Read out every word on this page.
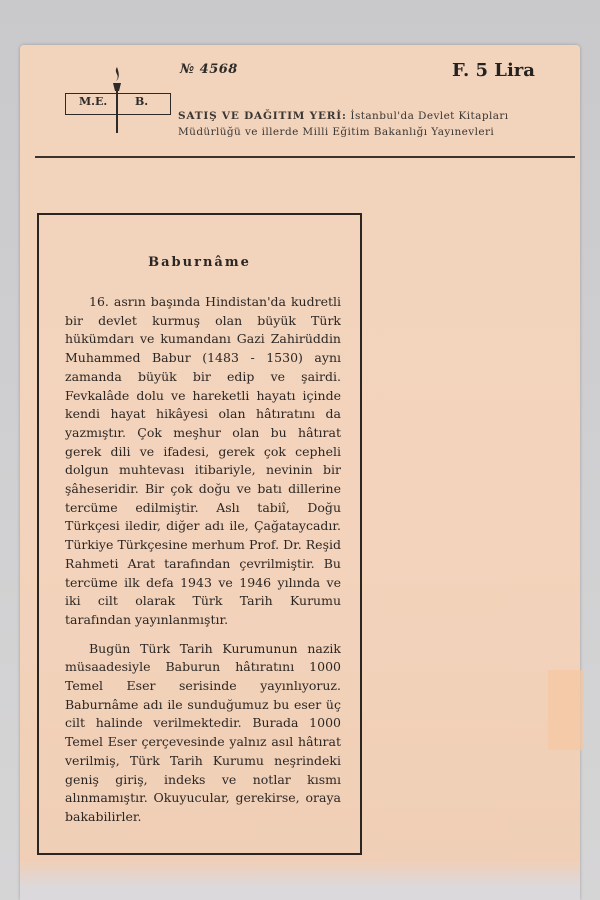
M.E.	B.
№ 4568	F. 5 Lira
SATIŞ VE DAĞITIM YERİ: İstanbul'da Devlet Kitapları Müdürlüğü ve illerde Milli Eğitim Bakanlığı Yayınevleri
Baburnâme

16. asrın başında Hindistan'da kudretli bir devlet kurmuş olan büyük Türk hükümdarı ve kumandanı Gazi Zahirüddin Muhammed Babur (1483 - 1530) aynı zamanda büyük bir edip ve şairdi. Fevkalâde dolu ve hareketli hayatı içinde kendi hayat hikâyesi olan hâtıratını da yazmıştır. Çok meşhur olan bu hâtırat gerek dili ve ifadesi, gerek çok cepheli dolgun muhtevası itibariyle, nevinin bir şâheseridir. Bir çok doğu ve batı dillerine tercüme edilmiştir. Aslı tabiî, Doğu Türkçesi iledir, diğer adı ile, Çağataycadır. Türkiye Türkçesine merhum Prof. Dr. Reşid Rahmeti Arat tarafından çevrilmiştir. Bu tercüme ilk defa 1943 ve 1946 yılında ve iki cilt olarak Türk Tarih Kurumu tarafından yayınlanmıştır.

Bugün Türk Tarih Kurumunun nazik müsaadesiyle Baburun hâtıratını 1000 Temel Eser serisinde yayınlıyoruz. Baburnâme adı ile sunduğumuz bu eser üç cilt halinde verilmektedir. Burada 1000 Temel Eser çerçevesinde yalnız asıl hâtırat verilmiş, Türk Tarih Kurumu neşrindeki geniş giriş, indeks ve notlar kısmı alınmamıştır. Okuyucular, gerekirse, oraya bakabilirler.
